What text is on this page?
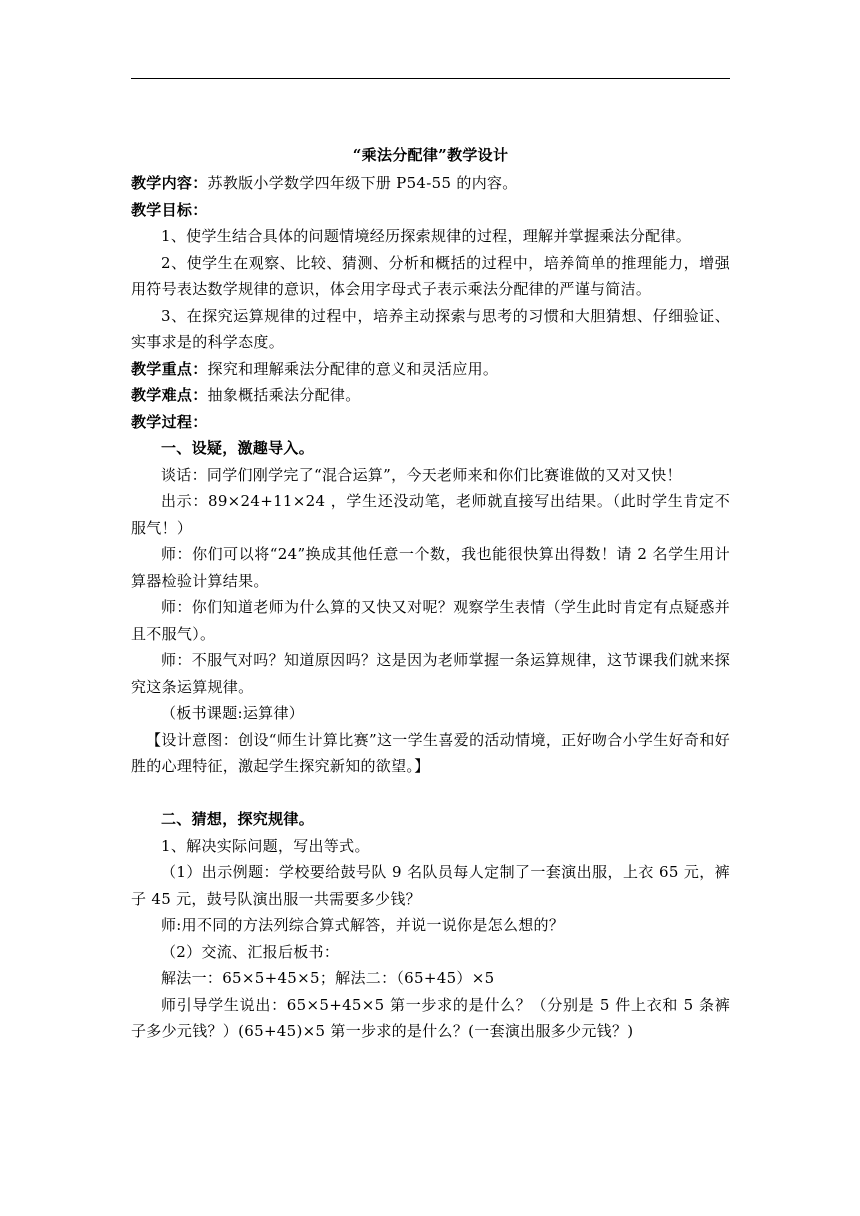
“乘法分配律”教学设计

教学内容：苏教版小学数学四年级下册 P54-55 的内容。

教学目标：

1、使学生结合具体的问题情境经历探索规律的过程，理解并掌握乘法分配律。

2、使学生在观察、比较、猜测、分析和概括的过程中，培养简单的推理能力，增强用符号表达数学规律的意识，体会用字母式子表示乘法分配律的严谨与简洁。

3、在探究运算规律的过程中，培养主动探索与思考的习惯和大胆猜想、仔细验证、实事求是的科学态度。

教学重点：探究和理解乘法分配律的意义和灵活应用。

教学难点：抽象概括乘法分配律。

教学过程：

一、设疑，激趣导入。

谈话：同学们刚学完了“混合运算”，今天老师来和你们比赛谁做的又对又快！

出示：89×24+11×24 ，学生还没动笔，老师就直接写出结果。（此时学生肯定不服气！）

师：你们可以将“24”换成其他任意一个数，我也能很快算出得数！请 2 名学生用计算器检验计算结果。

师：你们知道老师为什么算的又快又对呢？观察学生表情（学生此时肯定有点疑惑并且不服气）。

师：不服气对吗？知道原因吗？这是因为老师掌握一条运算规律，这节课我们就来探究这条运算规律。

（板书课题:运算律）

【设计意图：创设“师生计算比赛”这一学生喜爱的活动情境，正好吻合小学生好奇和好胜的心理特征，激起学生探究新知的欲望。】

二、猜想，探究规律。

1、解决实际问题，写出等式。

（1）出示例题：学校要给鼓号队 9 名队员每人定制了一套演出服，上衣 65 元，裤子 45 元，鼓号队演出服一共需要多少钱？

师:用不同的方法列综合算式解答，并说一说你是怎么想的？

（2）交流、汇报后板书：

解法一：65×5+45×5；解法二：（65+45）×5

师引导学生说出：65×5+45×5 第一步求的是什么？（分别是 5 件上衣和 5 条裤子多少元钱？）(65+45)×5 第一步求的是什么？(一套演出服多少元钱？)
